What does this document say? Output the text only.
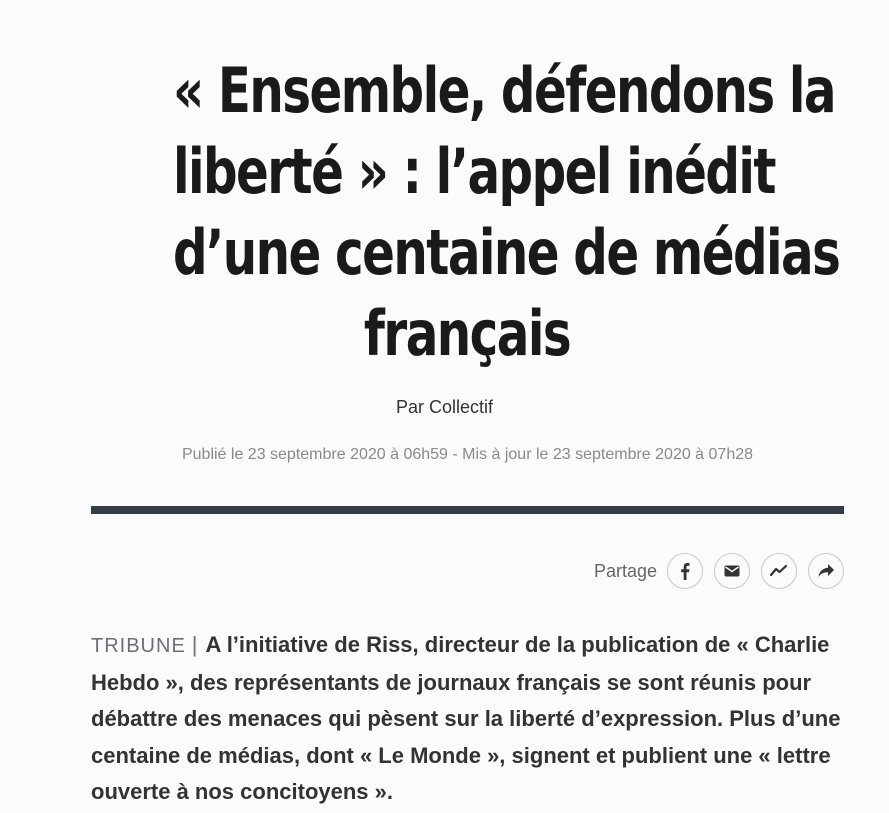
« Ensemble, défendons la
liberté » : l’appel inédit
d’une centaine de médias
français
Par Collectif
Publié le 23 septembre 2020 à 06h59 - Mis à jour le 23 septembre 2020 à 07h28
Partage

TRIBUNE | A l’initiative de Riss, directeur de la publication de « Charlie Hebdo », des représentants de journaux français se sont réunis pour débattre des menaces qui pèsent sur la liberté d’expression. Plus d’une centaine de médias, dont « Le Monde », signent et publient une « lettre ouverte à nos concitoyens ».
